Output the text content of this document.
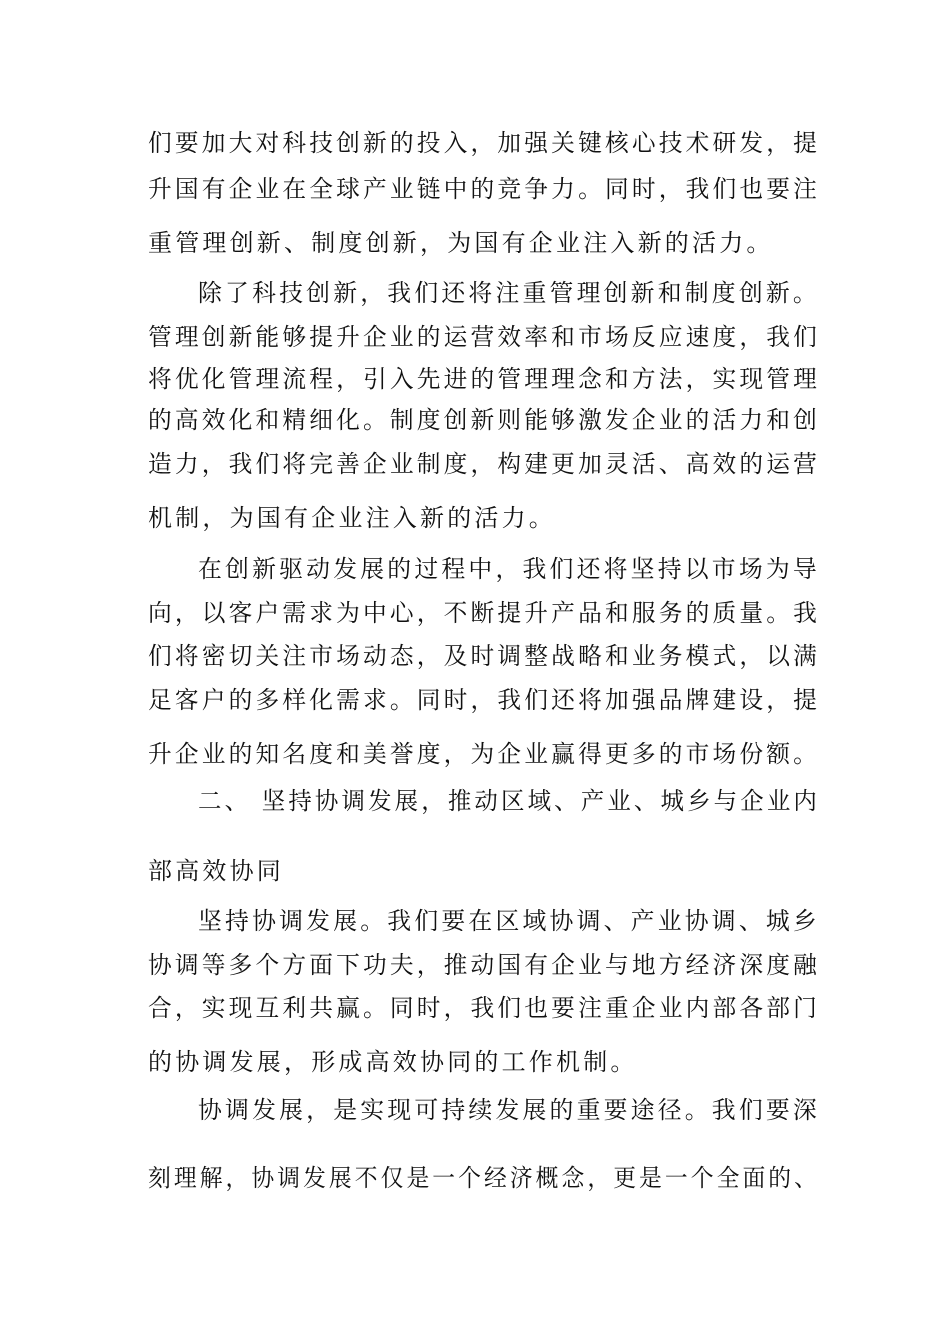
们要加大对科技创新的投入，加强关键核心技术研发，提
升国有企业在全球产业链中的竞争力。同时，我们也要注
重管理创新、制度创新，为国有企业注入新的活力。
除了科技创新，我们还将注重管理创新和制度创新。
管理创新能够提升企业的运营效率和市场反应速度，我们
将优化管理流程，引入先进的管理理念和方法，实现管理
的高效化和精细化。制度创新则能够激发企业的活力和创
造力，我们将完善企业制度，构建更加灵活、高效的运营
机制，为国有企业注入新的活力。
在创新驱动发展的过程中，我们还将坚持以市场为导
向，以客户需求为中心，不断提升产品和服务的质量。我
们将密切关注市场动态，及时调整战略和业务模式，以满
足客户的多样化需求。同时，我们还将加强品牌建设，提
升企业的知名度和美誉度，为企业赢得更多的市场份额。
二、 坚持协调发展，推动区域、产业、城乡与企业内
部高效协同
坚持协调发展。我们要在区域协调、产业协调、城乡
协调等多个方面下功夫，推动国有企业与地方经济深度融
合，实现互利共赢。同时，我们也要注重企业内部各部门
的协调发展，形成高效协同的工作机制。
协调发展，是实现可持续发展的重要途径。我们要深
刻理解，协调发展不仅是一个经济概念，更是一个全面的、
